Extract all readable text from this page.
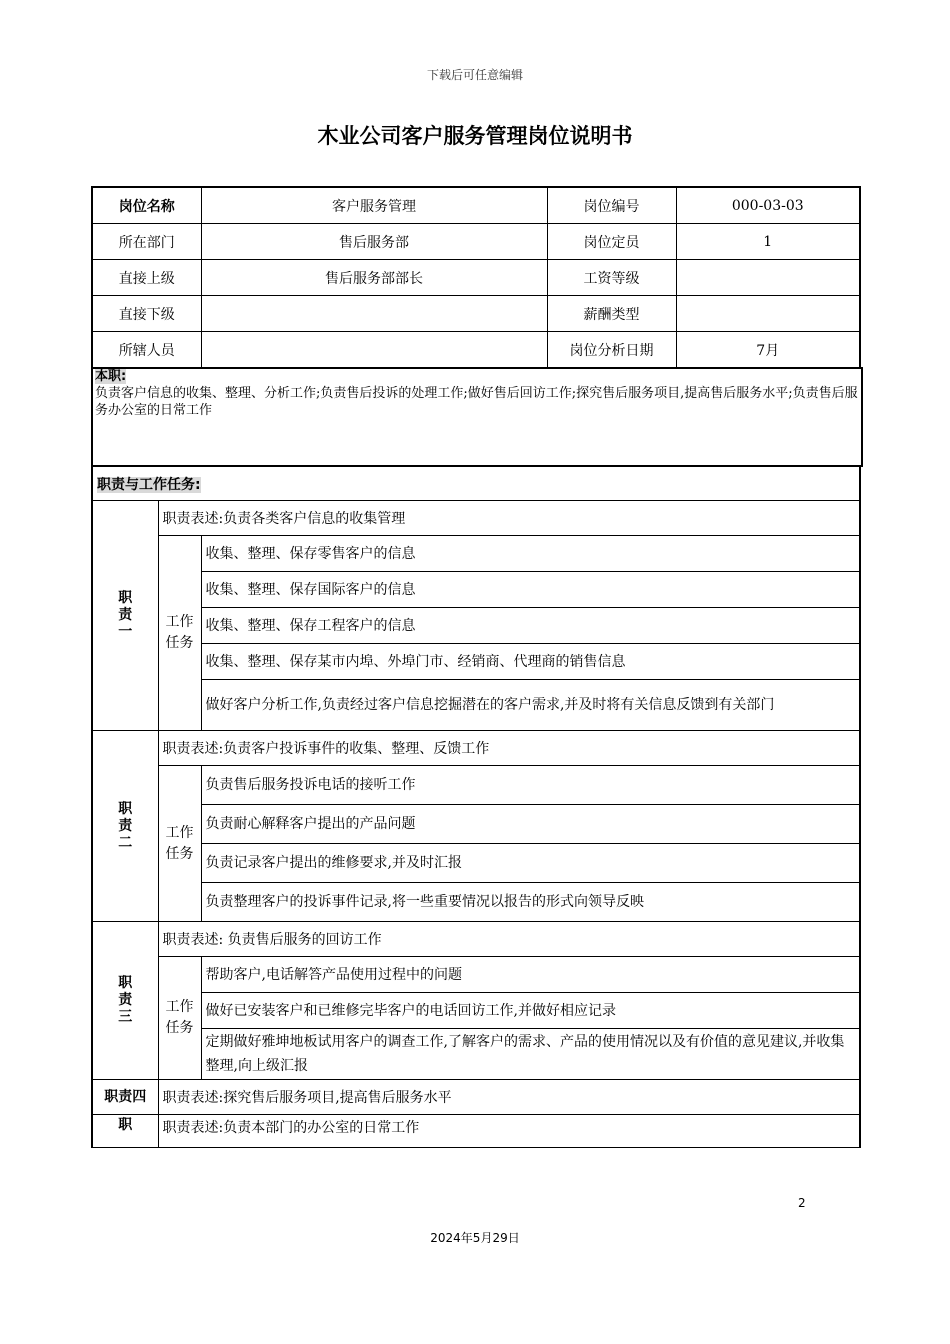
下载后可任意编辑
木业公司客户服务管理岗位说明书
岗位名称	客户服务管理	岗位编号	000-03-03
所在部门	售后服务部	岗位定员	1
直接上级	售后服务部部长	工资等级	
直接下级		薪酬类型	
所辖人员		岗位分析日期	7月
本职:
负责客户信息的收集、整理、分析工作;负责售后投诉的处理工作;做好售后回访工作;探究售后服务项目,提高售后服务水平;负责售后服务办公室的日常工作
职责与工作任务:		
职责一	职责表述:负责各类客户信息的收集管理	
	工作任务	收集、整理、保存零售客户的信息
		收集、整理、保存国际客户的信息
		收集、整理、保存工程客户的信息
		收集、整理、保存某市内埠、外埠门市、经销商、代理商的销售信息
		做好客户分析工作,负责经过客户信息挖掘潜在的客户需求,并及时将有关信息反馈到有关部门
职责二	职责表述:负责客户投诉事件的收集、整理、反馈工作	
	工作任务	负责售后服务投诉电话的接听工作
		负责耐心解释客户提出的产品问题
		负责记录客户提出的维修要求,并及时汇报
		负责整理客户的投诉事件记录,将一些重要情况以报告的形式向领导反映
职责三	职责表述: 负责售后服务的回访工作	
	工作任务	帮助客户,电话解答产品使用过程中的问题
		做好已安装客户和已维修完毕客户的电话回访工作,并做好相应记录
		定期做好雅坤地板试用客户的调查工作,了解客户的需求、产品的使用情况以及有价值的意见建议,并收集整理,向上级汇报
职责四	职责表述:探究售后服务项目,提高售后服务水平	
职	职责表述:负责本部门的办公室的日常工作	
2
2024年5月29日
